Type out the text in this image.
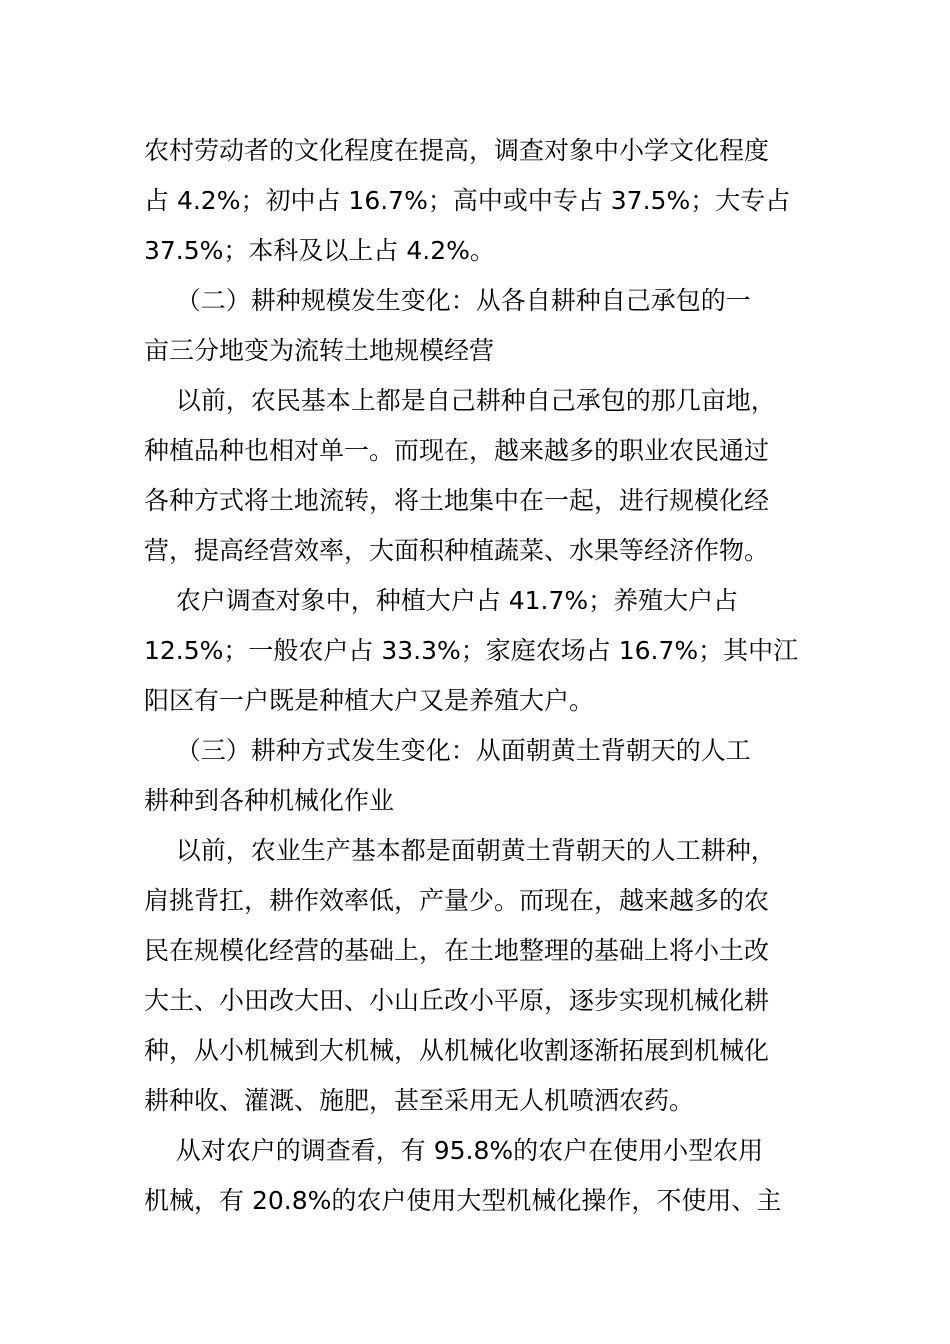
农村劳动者的文化程度在提高，调查对象中小学文化程度
占 4.2%；初中占 16.7%；高中或中专占 37.5%；大专占
37.5%；本科及以上占 4.2%。
（二）耕种规模发生变化：从各自耕种自己承包的一
亩三分地变为流转土地规模经营
以前，农民基本上都是自己耕种自己承包的那几亩地，
种植品种也相对单一。而现在，越来越多的职业农民通过
各种方式将土地流转，将土地集中在一起，进行规模化经
营，提高经营效率，大面积种植蔬菜、水果等经济作物。
农户调查对象中，种植大户占 41.7%；养殖大户占
12.5%；一般农户占 33.3%；家庭农场占 16.7%；其中江
阳区有一户既是种植大户又是养殖大户。
（三）耕种方式发生变化：从面朝黄土背朝天的人工
耕种到各种机械化作业
以前，农业生产基本都是面朝黄土背朝天的人工耕种，
肩挑背扛，耕作效率低，产量少。而现在，越来越多的农
民在规模化经营的基础上，在土地整理的基础上将小土改
大土、小田改大田、小山丘改小平原，逐步实现机械化耕
种，从小机械到大机械，从机械化收割逐渐拓展到机械化
耕种收、灌溉、施肥，甚至采用无人机喷洒农药。
从对农户的调查看，有 95.8%的农户在使用小型农用
机械，有 20.8%的农户使用大型机械化操作，不使用、主
